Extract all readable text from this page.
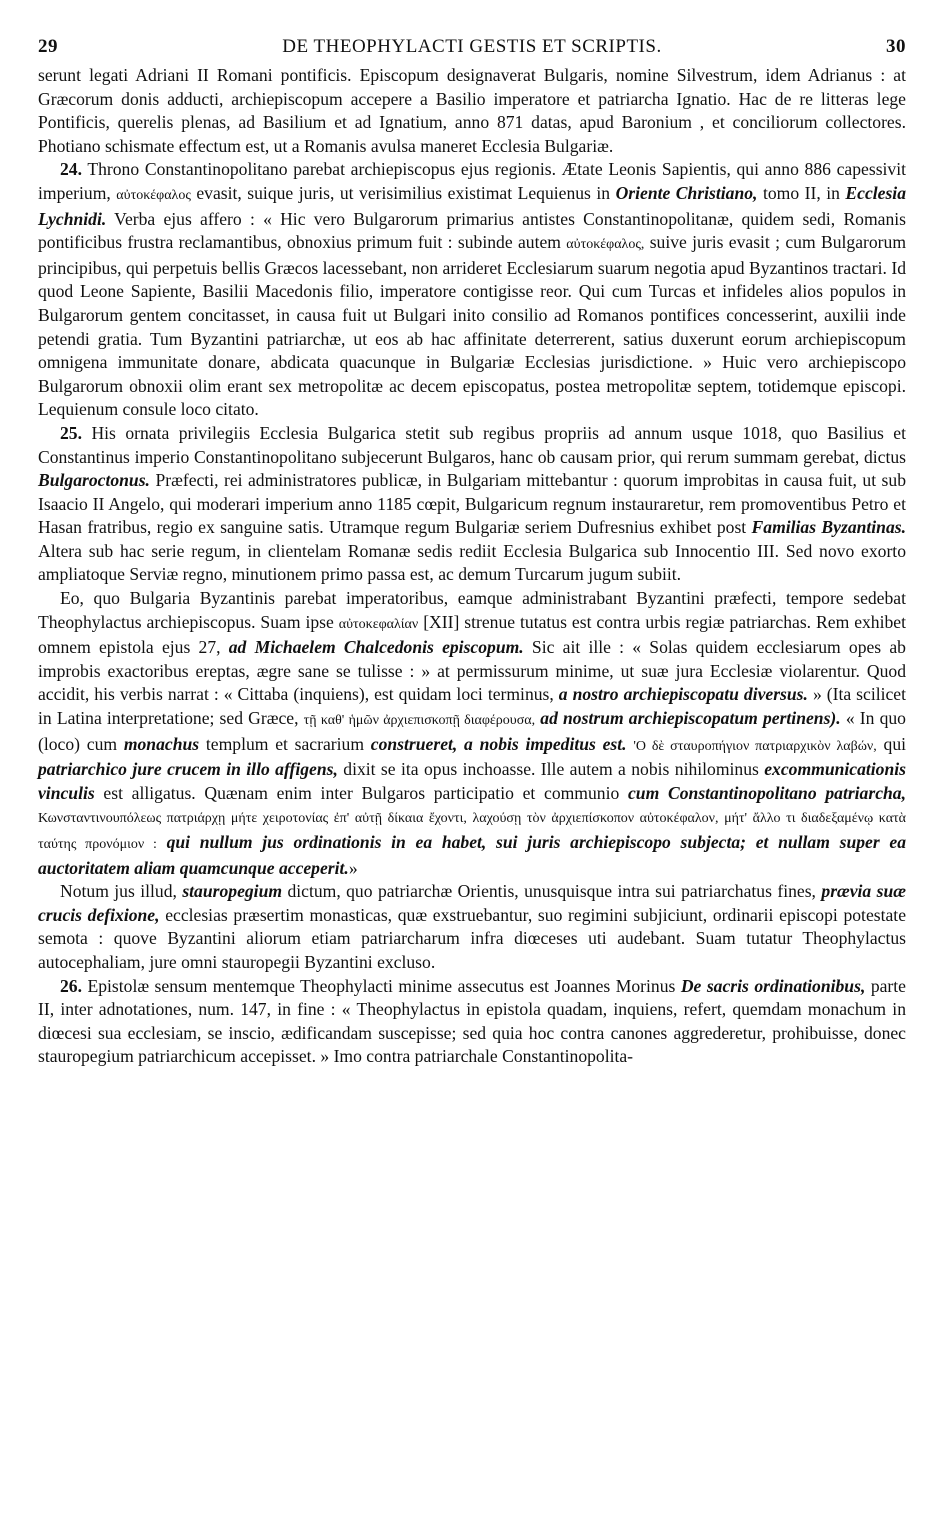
29	DE THEOPHYLACTI GESTIS ET SCRIPTIS.	30

serunt legati Adriani II Romani pontificis. Episcopum designaverat Bulgaris, nomine Silvestrum, idem Adrianus : at Græcorum donis adducti, archiepiscopum accepere a Basilio imperatore et patriarcha Ignatio. Hac de re litteras lege Pontificis, querelis plenas, ad Basilium et ad Ignatium, anno 871 datas, apud Baronium , et conciliorum collectores. Photiano schismate effectum est, ut a Romanis avulsa maneret Ecclesia Bulgariæ.

24. Throno Constantinopolitano parebat archiepiscopus ejus regionis. Ætate Leonis Sapientis, qui anno 886 capessivit imperium, αὐτοκέφαλος evasit, suique juris, ut verisimilius existimat Lequienus in Oriente Christiano, tomo II, in Ecclesia Lychnidi. Verba ejus affero : « Hic vero Bulgarorum primarius antistes Constantinopolitanæ, quidem sedi, Romanis pontificibus frustra reclamantibus, obnoxius primum fuit : subinde autem αὐτοκέφαλος, suive juris evasit ; cum Bulgarorum principibus, qui perpetuis bellis Græcos lacessebant, non arrideret Ecclesiarum suarum negotia apud Byzantinos tractari. Id quod Leone Sapiente, Basilii Macedonis filio, imperatore contigisse reor. Qui cum Turcas et infideles alios populos in Bulgarorum gentem concitasset, in causa fuit ut Bulgari inito consilio ad Romanos pontifices concesserint, auxilii inde petendi gratia. Tum Byzantini patriarchæ, ut eos ab hac affinitate deterrerent, satius duxerunt eorum archiepiscopum omnigena immunitate donare, abdicata quacunque in Bulgariæ Ecclesias jurisdictione. » Huic vero archiepiscopo Bulgarorum obnoxii olim erant sex metropolitæ ac decem episcopatus, postea metropolitæ septem, totidemque episcopi. Lequienum consule loco citato.

25. His ornata privilegiis Ecclesia Bulgarica stetit sub regibus propriis ad annum usque 1018, quo Basilius et Constantinus imperio Constantinopolitano subjecerunt Bulgaros, hanc ob causam prior, qui rerum summam gerebat, dictus Bulgaroctonus. Præfecti, rei administratores publicæ, in Bulgariam mittebantur : quorum improbitas in causa fuit, ut sub Isaacio II Angelo, qui moderari imperium anno 1185 cœpit, Bulgaricum regnum instauraretur, rem promoventibus Petro et Hasan fratribus, regio ex sanguine satis. Utramque regum Bulgariæ seriem Dufresnius exhibet post Familias Byzantinas. Altera sub hac serie regum, in clientelam Romanæ sedis rediit Ecclesia Bulgarica sub Innocentio III. Sed novo exorto ampliatoque Serviæ regno, minutionem primo passa est, ac demum Turcarum jugum subiit.

Eo, quo Bulgaria Byzantinis parebat imperatoribus, eamque administrabant Byzantini præfecti, tempore sedebat Theophylactus archiepiscopus. Suam ipse αὐτοκεφαλίαν [XII] strenue tutatus est contra urbis regiæ patriarchas. Rem exhibet omnem epistola ejus 27, ad Michaelem Chalcedonis episcopum. Sic ait ille : « Solas quidem ecclesiarum opes ab improbis exactoribus ereptas, ægre sane se tulisse : » at permissurum minime, ut suæ jura Ecclesiæ violarentur. Quod accidit, his verbis narrat : « Cittaba (inquiens), est quidam loci terminus, a nostro archiepiscopatu diversus. » (Ita scilicet in Latina interpretatione; sed Græce, τῇ καθ' ἡμῶν ἀρχιεπισκοπῇ διαφέρουσα, ad nostrum archiepiscopatum pertinens). « In quo (loco) cum monachus templum et sacrarium construeret, a nobis impeditus est. 'Ο δὲ σταυροπήγιον πατριαρχικὸν λαβών, qui patriarchico jure crucem in illo affigens, dixit se ita opus inchoasse. Ille autem a nobis nihilominus excommunicationis vinculis est alligatus. Quænam enim inter Bulgaros participatio et communio cum Constantinopolitano patriarcha, Κωνσταντινουπόλεως πατριάρχῃ μήτε χειροτονίας ἐπ' αὐτῇ δίκαια ἔχοντι, λαχούσῃ τὸν ἀρχιεπίσκοπον αὐτοκέφαλον, μήτ' ἄλλο τι διαδεξαμένῳ κατὰ ταύτης προνόμιον : qui nullum jus ordinationis in ea habet, sui juris archiepiscopo subjecta; et nullam super ea auctoritatem aliam quamcunque acceperit.»

Notum jus illud, stauropegium dictum, quo patriarchæ Orientis, unusquisque intra sui patriarchatus fines, prævia suæ crucis defixione, ecclesias præsertim monasticas, quæ exstruebantur, suo regimini subjiciunt, ordinarii episcopi potestate semota : quove Byzantini aliorum etiam patriarcharum infra diœceses uti audebant. Suam tutatur Theophylactus autocephaliam, jure omni stauropegii Byzantini excluso.

26. Epistolæ sensum mentemque Theophylacti minime assecutus est Joannes Morinus De sacris ordinationibus, parte II, inter adnotationes, num. 147, in fine : « Theophylactus in epistola quadam, inquiens, refert, quemdam monachum in diœcesi sua ecclesiam, se inscio, ædificandam suscepisse; sed quia hoc contra canones aggrederetur, prohibuisse, donec stauropegium patriarchicum accepisset. » Imo contra patriarchale Constantinopolita-
